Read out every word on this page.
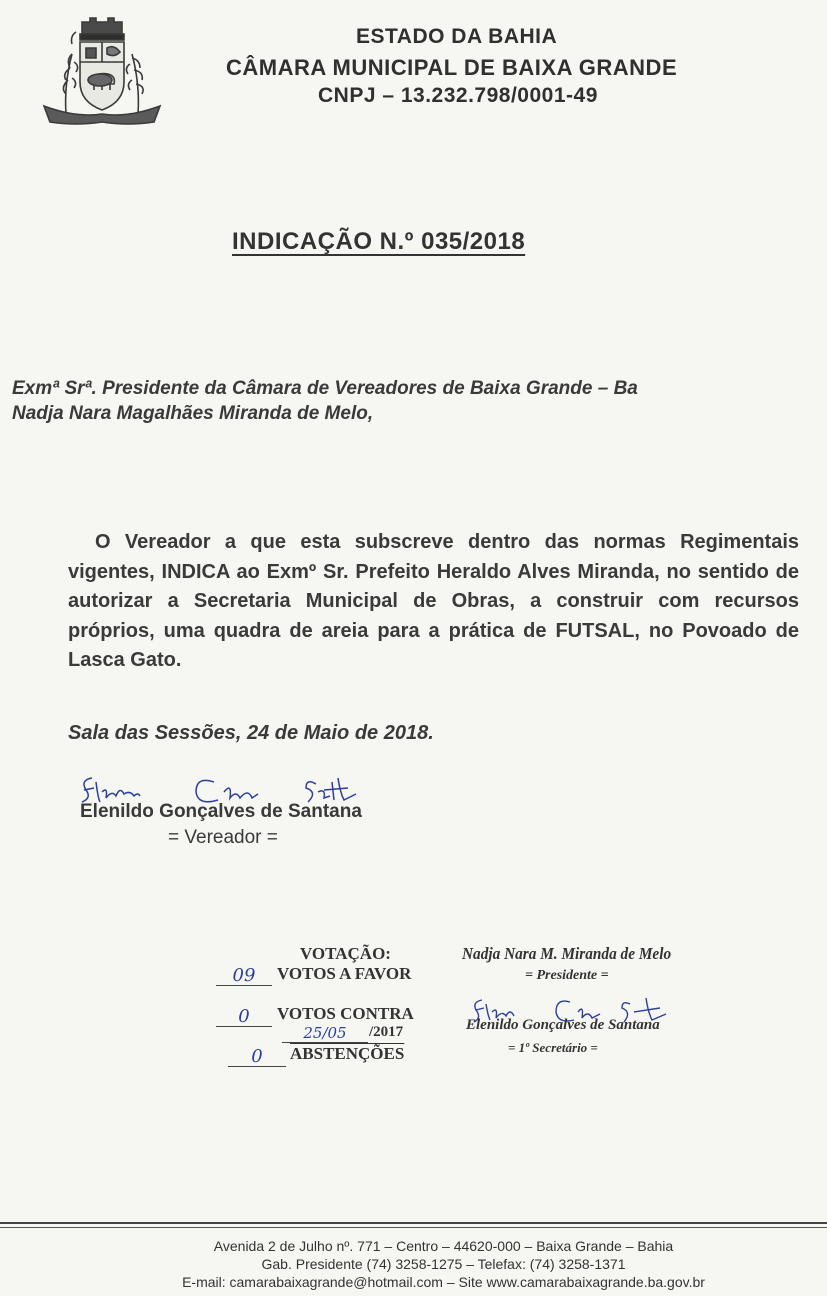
ESTADO DA BAHIA
CÂMARA MUNICIPAL DE BAIXA GRANDE
CNPJ – 13.232.798/0001-49
INDICAÇÃO N.º 035/2018
Exmª Srª. Presidente da Câmara de Vereadores de Baixa Grande – Ba
Nadja Nara Magalhães Miranda de Melo,
O Vereador a que esta subscreve dentro das normas Regimentais vigentes, INDICA ao Exmº Sr. Prefeito Heraldo Alves Miranda, no sentido de autorizar a Secretaria Municipal de Obras, a construir com recursos próprios, uma quadra de areia para a prática de FUTSAL, no Povoado de Lasca Gato.
Sala das Sessões, 24 de Maio de 2018.
Elenildo Gonçalves de Santana
= Vereador =
VOTAÇÃO:
09	VOTOS A FAVOR
0	VOTOS CONTRA
25/05	/2017
0	ABSTENÇÕES
Nadja Nara M. Miranda de Melo
= Presidente =
Elenildo Gonçalves de Santana
= 1º Secretário =
Avenida 2 de Julho nº. 771 – Centro – 44620-000 – Baixa Grande – Bahia
Gab. Presidente (74) 3258-1275 – Telefax: (74) 3258-1371
E-mail: camarabaixagrande@hotmail.com – Site www.camarabaixagrande.ba.gov.br
